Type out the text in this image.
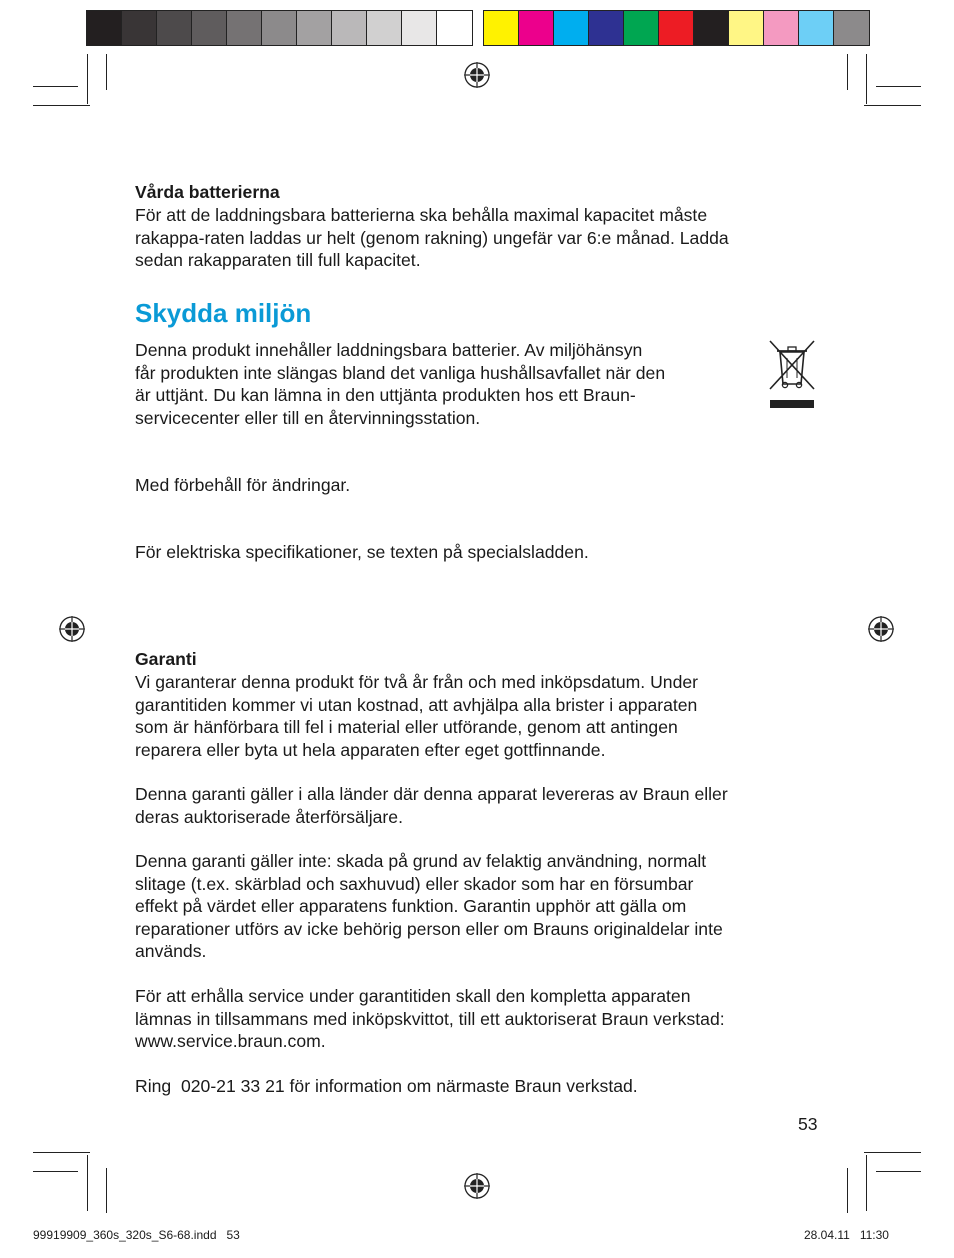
Vårda batterierna

För att de laddningsbara batterierna ska behålla maximal kapacitet måste
rakappa-raten laddas ur helt (genom rakning) ungefär var 6:e månad. Ladda
sedan rakapparaten till full kapacitet.

Skydda miljön

Denna produkt innehåller laddningsbara batterier. Av miljöhänsyn
får produkten inte slängas bland det vanliga hushållsavfallet när den
är uttjänt. Du kan lämna in den uttjänta produkten hos ett Braun-
servicecenter eller till en återvinningsstation.

Med förbehåll för ändringar.

För elektriska specifikationer, se texten på specialsladden.

Garanti

Vi garanterar denna produkt för två år från och med inköpsdatum. Under
garantitiden kommer vi utan kostnad, att avhjälpa alla brister i apparaten
som är hänförbara till fel i material eller utförande, genom att antingen
reparera eller byta ut hela apparaten efter eget gottfinnande.

Denna garanti gäller i alla länder där denna apparat levereras av Braun eller
deras auktoriserade återförsäljare.

Denna garanti gäller inte: skada på grund av felaktig användning, normalt
slitage (t.ex. skärblad och saxhuvud) eller skador som har en försumbar
effekt på värdet eller apparatens funktion. Garantin upphör att gälla om
reparationer utförs av icke behörig person eller om Brauns originaldelar inte
används.

För att erhålla service under garantitiden skall den kompletta apparaten
lämnas in tillsammans med inköpskvittot, till ett auktoriserat Braun verkstad:
www.service.braun.com.

Ring  020-21 33 21 för information om närmaste Braun verkstad.

53
99919909_360s_320s_S6-68.indd   53	28.04.11   11:30
